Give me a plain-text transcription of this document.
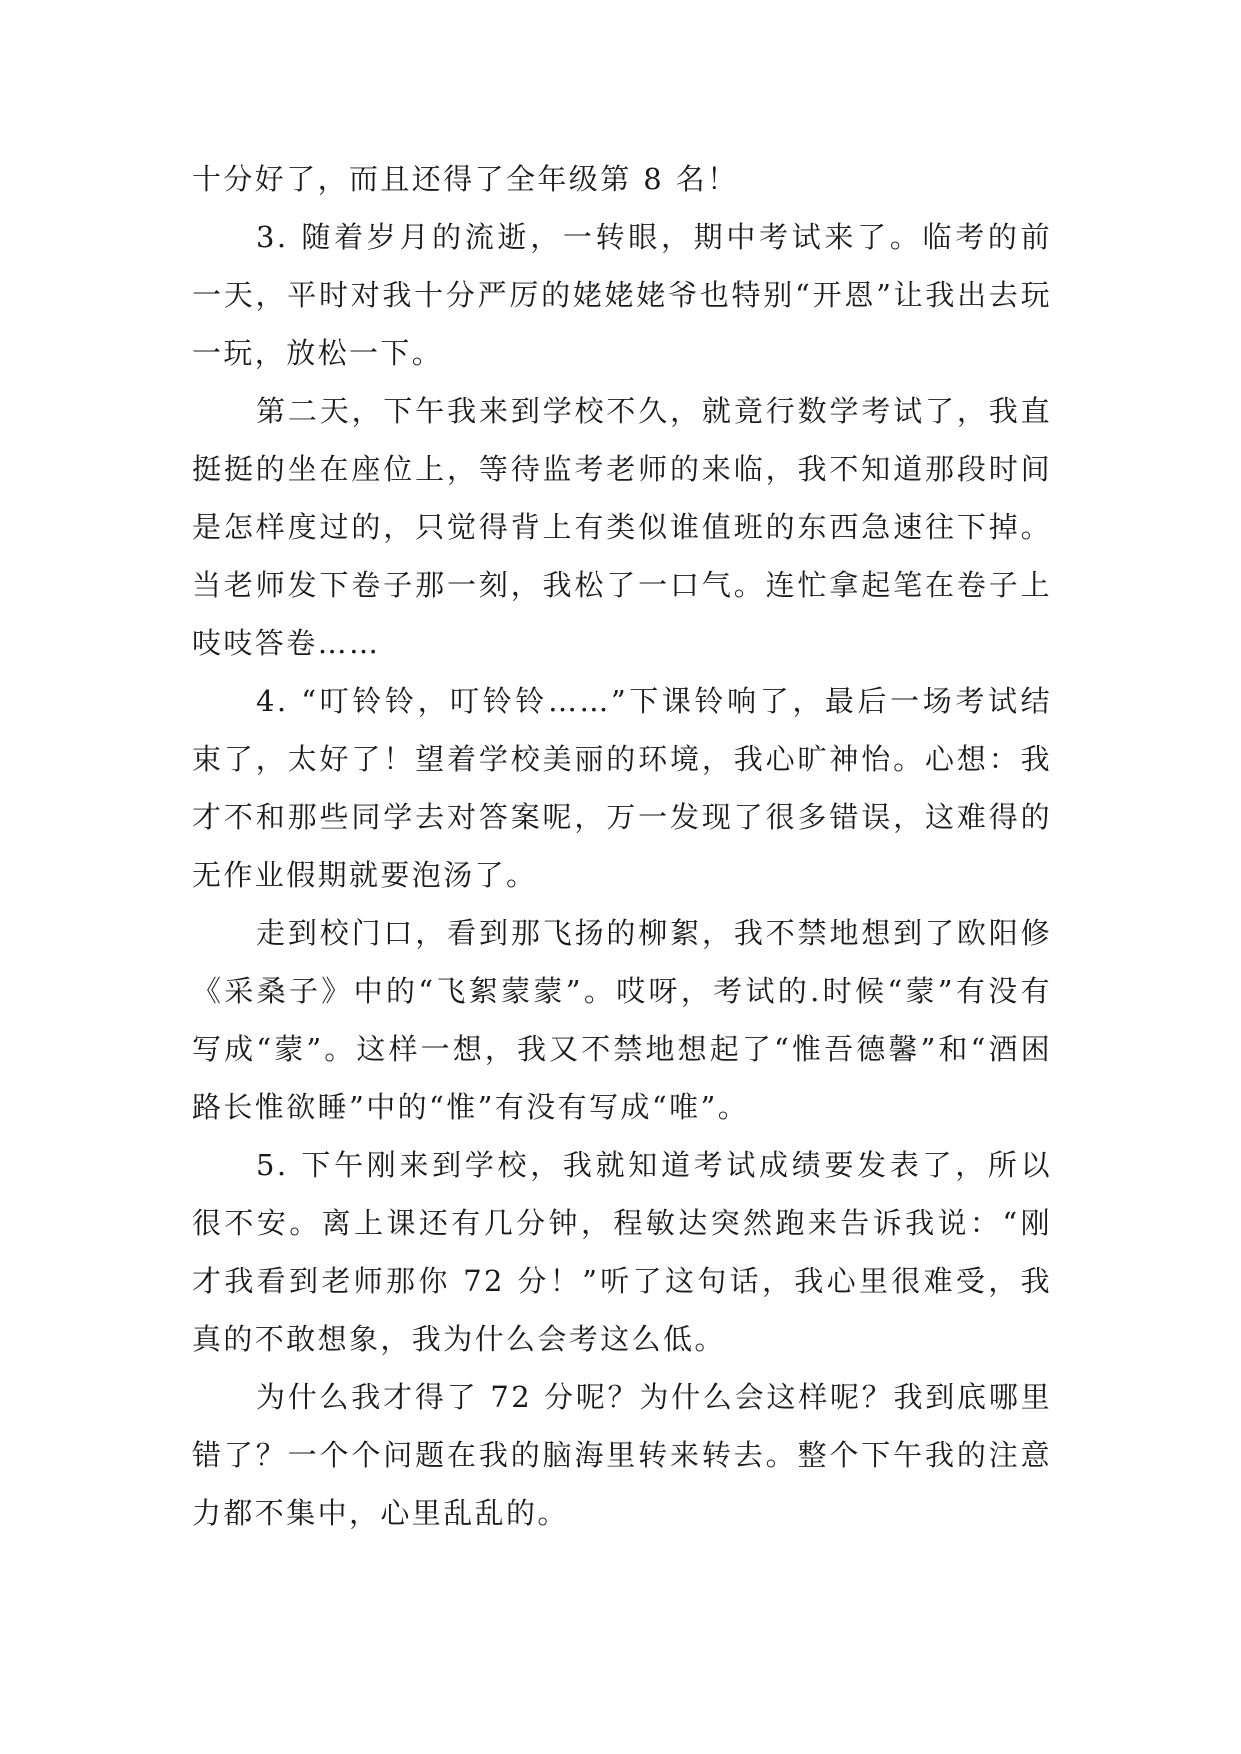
十分好了，而且还得了全年级第 8 名！

3. 随着岁月的流逝，一转眼，期中考试来了。临考的前一天，平时对我十分严厉的姥姥姥爷也特别“开恩”让我出去玩一玩，放松一下。

第二天，下午我来到学校不久，就竟行数学考试了，我直挺挺的坐在座位上，等待监考老师的来临，我不知道那段时间是怎样度过的，只觉得背上有类似谁值班的东西急速往下掉。当老师发下卷子那一刻，我松了一口气。连忙拿起笔在卷子上吱吱答卷……

4. “叮铃铃，叮铃铃……”下课铃响了，最后一场考试结束了，太好了！望着学校美丽的环境，我心旷神怡。心想：我才不和那些同学去对答案呢，万一发现了很多错误，这难得的无作业假期就要泡汤了。

走到校门口，看到那飞扬的柳絮，我不禁地想到了欧阳修《采桑子》中的“飞絮蒙蒙”。哎呀，考试的.时候“蒙”有没有写成“蒙”。这样一想，我又不禁地想起了“惟吾德馨”和“酒困路长惟欲睡”中的“惟”有没有写成“唯”。

5. 下午刚来到学校，我就知道考试成绩要发表了，所以很不安。离上课还有几分钟，程敏达突然跑来告诉我说：“刚才我看到老师那你 72 分！”听了这句话，我心里很难受，我真的不敢想象，我为什么会考这么低。

为什么我才得了 72 分呢？为什么会这样呢？我到底哪里错了？一个个问题在我的脑海里转来转去。整个下午我的注意力都不集中，心里乱乱的。
